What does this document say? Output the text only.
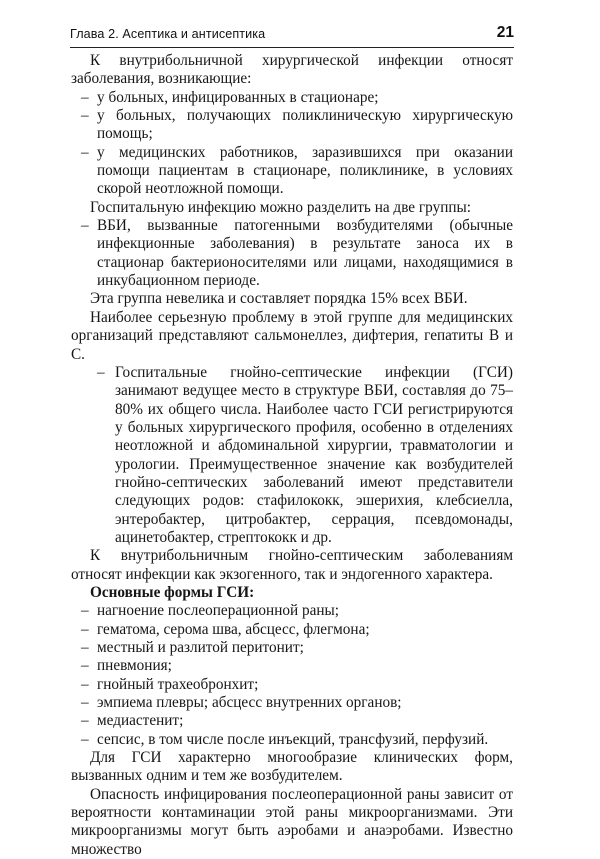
Глава 2. Асептика и антисептика	21

К внутрибольничной хирургической инфекции относят заболевания, возникающие:

– у больных, инфицированных в стационаре;

– у больных, получающих поликлиническую хирургическую помощь;

– у медицинских работников, заразившихся при оказании помощи пациентам в стационаре, поликлинике, в условиях скорой неотложной помощи.

Госпитальную инфекцию можно разделить на две группы:

– ВБИ, вызванные патогенными возбудителями (обычные инфекционные заболевания) в результате заноса их в стационар бактерионосителями или лицами, находящимися в инкубационном периоде.

Эта группа невелика и составляет порядка 15% всех ВБИ.

Наиболее серьезную проблему в этой группе для медицинских организаций представляют сальмонеллез, дифтерия, гепатиты B и C.

– Госпитальные гнойно-септические инфекции (ГСИ) занимают ведущее место в структуре ВБИ, составляя до 75–80% их общего числа. Наиболее часто ГСИ регистрируются у больных хирургического профиля, особенно в отделениях неотложной и абдоминальной хирургии, травматологии и урологии. Преимущественное значение как возбудителей гнойно-септических заболеваний имеют представители следующих родов: стафилококк, эшерихия, клебсиелла, энтеробактер, цитробактер, серрация, псевдомонады, ацинетобактер, стрептококк и др.

К внутрибольничным гнойно-септическим заболеваниям относят инфекции как экзогенного, так и эндогенного характера.

Основные формы ГСИ:

– нагноение послеоперационной раны;

– гематома, серома шва, абсцесс, флегмона;

– местный и разлитой перитонит;

– пневмония;

– гнойный трахеобронхит;

– эмпиема плевры; абсцесс внутренних органов;

– медиастенит;

– сепсис, в том числе после инъекций, трансфузий, перфузий.

Для ГСИ характерно многообразие клинических форм, вызванных одним и тем же возбудителем.

Опасность инфицирования послеоперационной раны зависит от вероятности контаминации этой раны микроорганизмами. Эти микроорганизмы могут быть аэробами и анаэробами. Известно множество
